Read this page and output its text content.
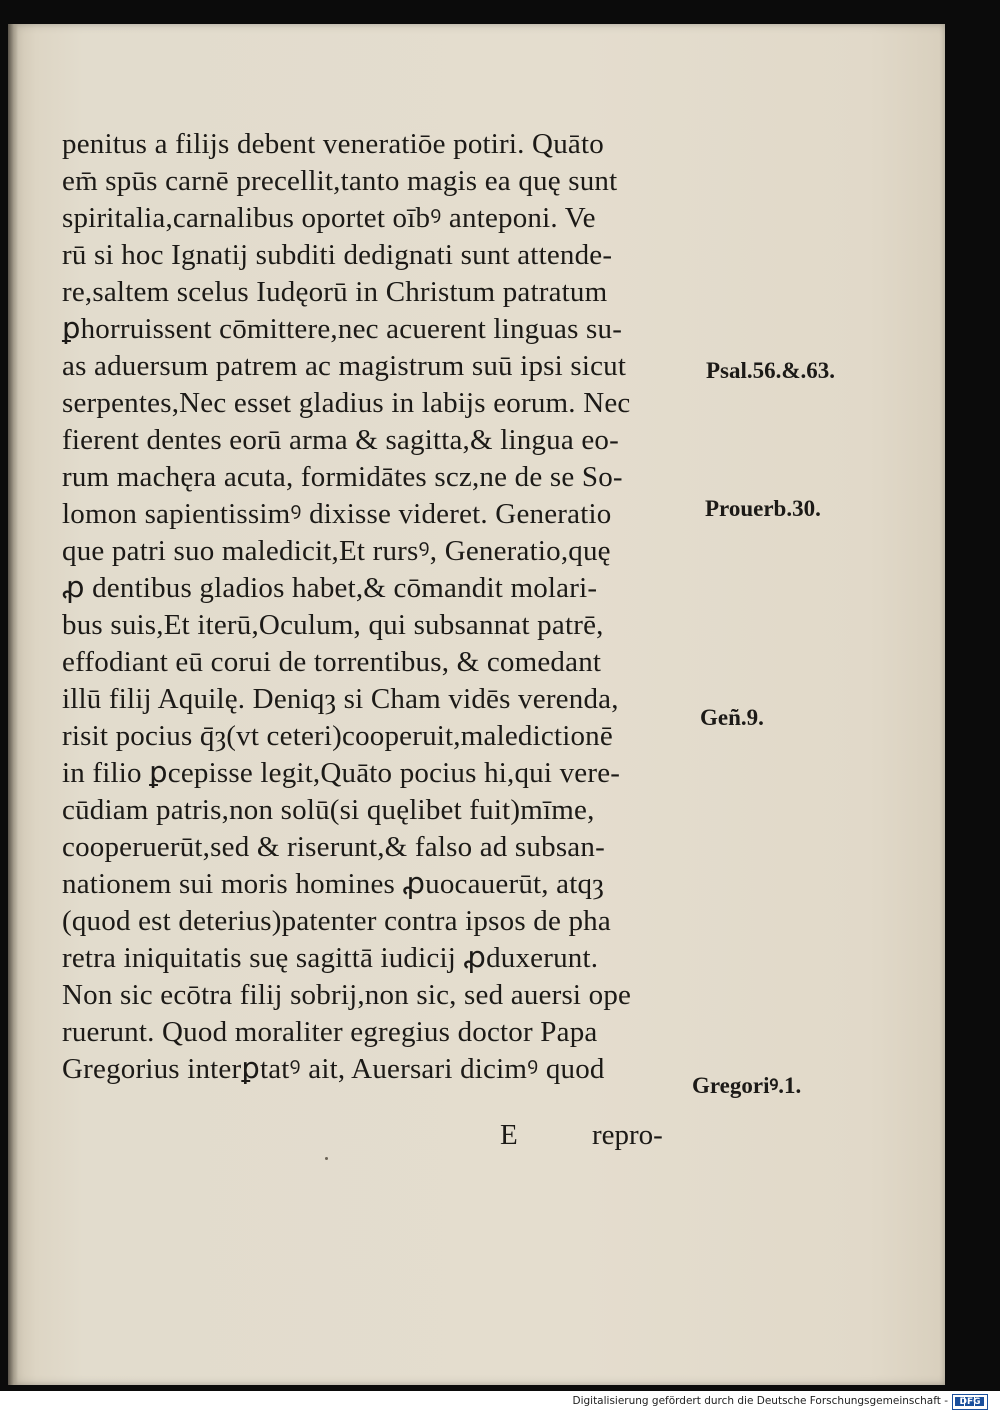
penitus a filijs debent veneratiōe potiri. Quāto
em̄ spūs carnē precellit,tanto magis ea quę sunt
spiritalia,carnalibus oportet oībꝰ anteponi. Ve
rū si hoc Ignatij subditi dedignati sunt attende-
re,saltem scelus Iudęorū in Christum patratum
ꝑhorruissent cōmittere,nec acuerent linguas su-
as aduersum patrem ac magistrum suū ipsi sicut
serpentes,Nec esset gladius in labijs eorum. Nec
fierent dentes eorū arma & sagitta,& lingua eo-
rum machęra acuta, formidātes scz,ne de se So-
lomon sapientissimꝰ dixisse videret. Generatio
que patri suo maledicit,Et rursꝰ, Generatio,quę
ꝓ dentibus gladios habet,& cōmandit molari-
bus suis,Et iterū,Oculum, qui subsannat patrē,
effodiant eū corui de torrentibus, & comedant
illū filij Aquilę. Deniqȝ si Cham vidēs verenda,
risit pocius q̄ȝ(vt ceteri)cooperuit,maledictionē
in filio ꝑcepisse legit,Quāto pocius hi,qui vere-
cūdiam patris,non solū(si quęlibet fuit)mīme,
cooperuerūt,sed & riserunt,& falso ad subsan-
nationem sui moris homines ꝓuocauerūt, atqȝ
(quod est deterius)patenter contra ipsos de pha
retra iniquitatis suę sagittā iudicij ꝓduxerunt.
Non sic ecōtra filij sobrij,non sic, sed auersi ope
ruerunt. Quod moraliter egregius doctor Papa
Gregorius interꝑtatꝰ ait, Auersari dicimꝰ quod
E	repro-
Psal.56.&.63.
Prouerb.30.
Geñ.9.
Gregoriꝰ.1.
Digitalisierung gefördert durch die Deutsche Forschungsgemeinschaft -	DFG
